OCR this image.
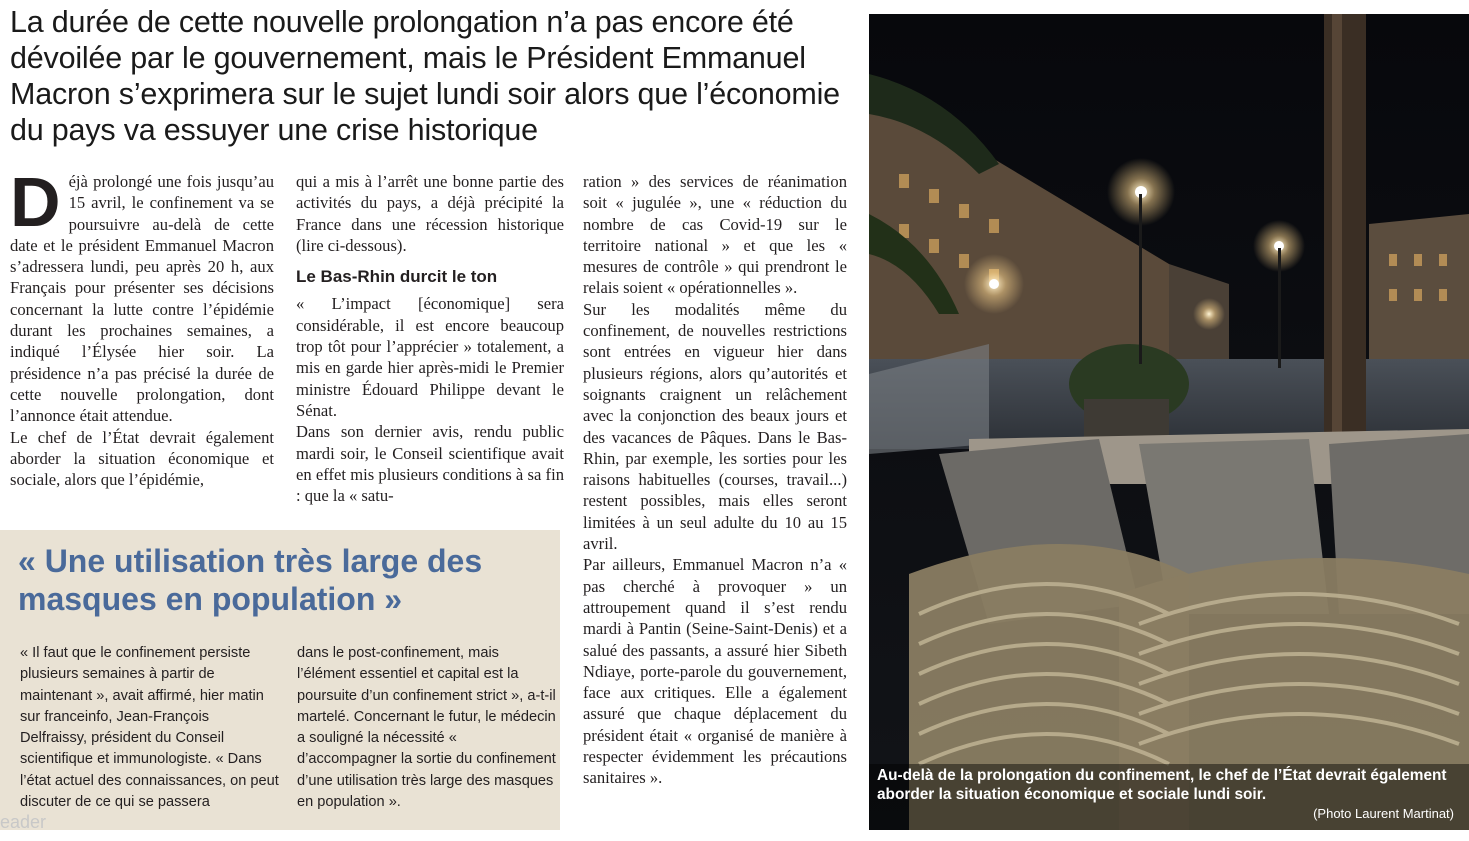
La durée de cette nouvelle prolongation n’a pas encore été dévoilée par le gouvernement, mais le Président Emmanuel Macron s’exprimera sur le sujet lundi soir alors que l’économie du pays va essuyer une crise historique
D éjà prolongé une fois jusqu’au 15 avril, le confinement va se poursuivre au-delà de cette date et le président Emmanuel Macron s’adressera lundi, peu après 20 h, aux Français pour présenter ses décisions concernant la lutte contre l’épidémie durant les prochaines semaines, a indiqué l’Élysée hier soir. La présidence n’a pas précisé la durée de cette nouvelle prolongation, dont l’annonce était attendue.

Le chef de l’État devrait également aborder la situation économique et sociale, alors que l’épidémie,

qui a mis à l’arrêt une bonne partie des activités du pays, a déjà précipité la France dans une récession historique (lire ci-dessous).

Le Bas-Rhin durcit le ton

« L’impact [économique] sera considérable, il est encore beaucoup trop tôt pour l’apprécier » totalement, a mis en garde hier après-midi le Premier ministre Édouard Philippe devant le Sénat.

Dans son dernier avis, rendu public mardi soir, le Conseil scientifique avait en effet mis plusieurs conditions à sa fin : que la « satu-

ration » des services de réanimation soit « jugulée », une « réduction du nombre de cas Covid-19 sur le territoire national » et que les « mesures de contrôle » qui prendront le relais soient « opérationnelles ».

Sur les modalités même du confinement, de nouvelles restrictions sont entrées en vigueur hier dans plusieurs régions, alors qu’autorités et soignants craignent un relâchement avec la conjonction des beaux jours et des vacances de Pâques. Dans le Bas-Rhin, par exemple, les sorties pour les raisons habituelles (courses, travail...) restent possibles, mais elles seront limitées à un seul adulte du 10 au 15 avril.

Par ailleurs, Emmanuel Macron n’a « pas cherché à provoquer » un attroupement quand il s’est rendu mardi à Pantin (Seine-Saint-Denis) et a salué des passants, a assuré hier Sibeth Ndiaye, porte-parole du gouvernement, face aux critiques. Elle a également assuré que chaque déplacement du président était « organisé de manière à respecter évidemment les précautions sanitaires ».

« Une utilisation très large des masques en population »

« Il faut que le confinement persiste plusieurs semaines à partir de maintenant », avait affirmé, hier matin sur franceinfo, Jean-François Delfraissy, président du Conseil scientifique et immunologiste. « Dans l’état actuel des connaissances, on peut discuter de ce qui se passera

dans le post-confinement, mais l’élément essentiel et capital est la poursuite d’un confinement strict », a-t-il martelé. Concernant le futur, le médecin a souligné la nécessité « d’accompagner la sortie du confinement d’une utilisation très large des masques en population ».

eader
Au-delà de la prolongation du confinement, le chef de l’État devrait également aborder la situation économique et sociale lundi soir.
(Photo Laurent Martinat)
